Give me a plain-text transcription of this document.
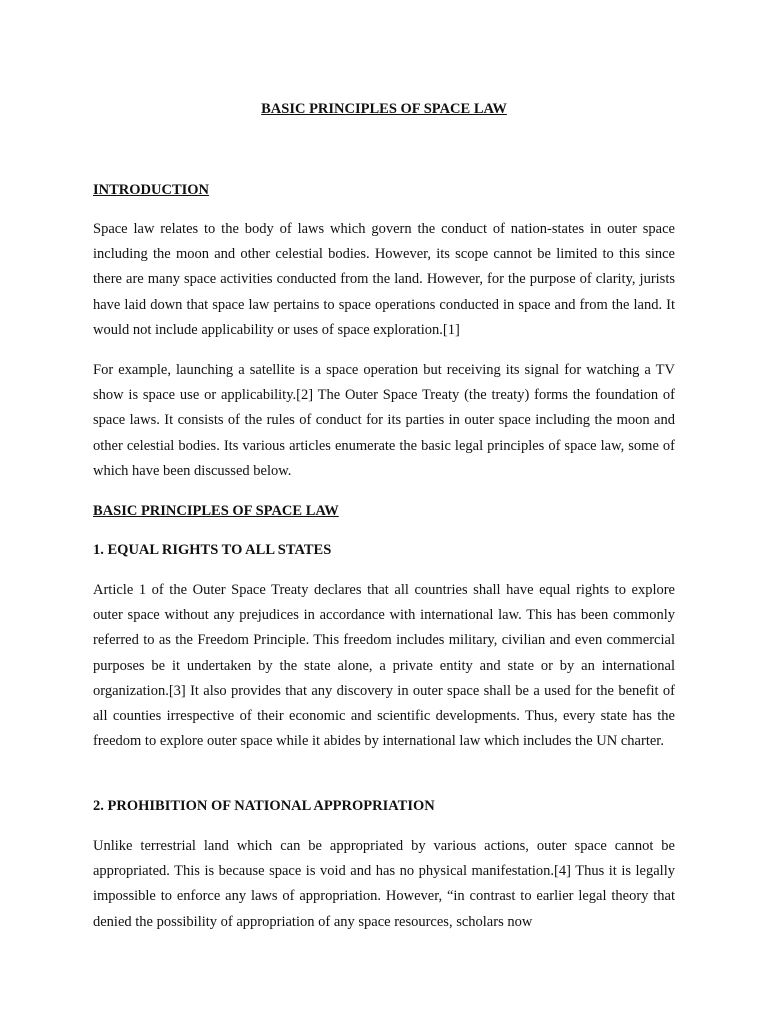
BASIC PRINCIPLES OF SPACE LAW
INTRODUCTION

Space law relates to the body of laws which govern the conduct of nation-states in outer space including the moon and other celestial bodies. However, its scope cannot be limited to this since there are many space activities conducted from the land. However, for the purpose of clarity, jurists have laid down that space law pertains to space operations conducted in space and from the land. It would not include applicability or uses of space exploration.[1]

For example, launching a satellite is a space operation but receiving its signal for watching a TV show is space use or applicability.[2] The Outer Space Treaty (the treaty) forms the foundation of space laws. It consists of the rules of conduct for its parties in outer space including the moon and other celestial bodies. Its various articles enumerate the basic legal principles of space law, some of which have been discussed below.

BASIC PRINCIPLES OF SPACE LAW
1. EQUAL RIGHTS TO ALL STATES

Article 1 of the Outer Space Treaty declares that all countries shall have equal rights to explore outer space without any prejudices in accordance with international law. This has been commonly referred to as the Freedom Principle. This freedom includes military, civilian and even commercial purposes be it undertaken by the state alone, a private entity and state or by an international organization.[3] It also provides that any discovery in outer space shall be a used for the benefit of all counties irrespective of their economic and scientific developments. Thus, every state has the freedom to explore outer space while it abides by international law which includes the UN charter.

2. PROHIBITION OF NATIONAL APPROPRIATION

Unlike terrestrial land which can be appropriated by various actions, outer space cannot be appropriated. This is because space is void and has no physical manifestation.[4] Thus it is legally impossible to enforce any laws of appropriation. However, “in contrast to earlier legal theory that denied the possibility of appropriation of any space resources, scholars now
